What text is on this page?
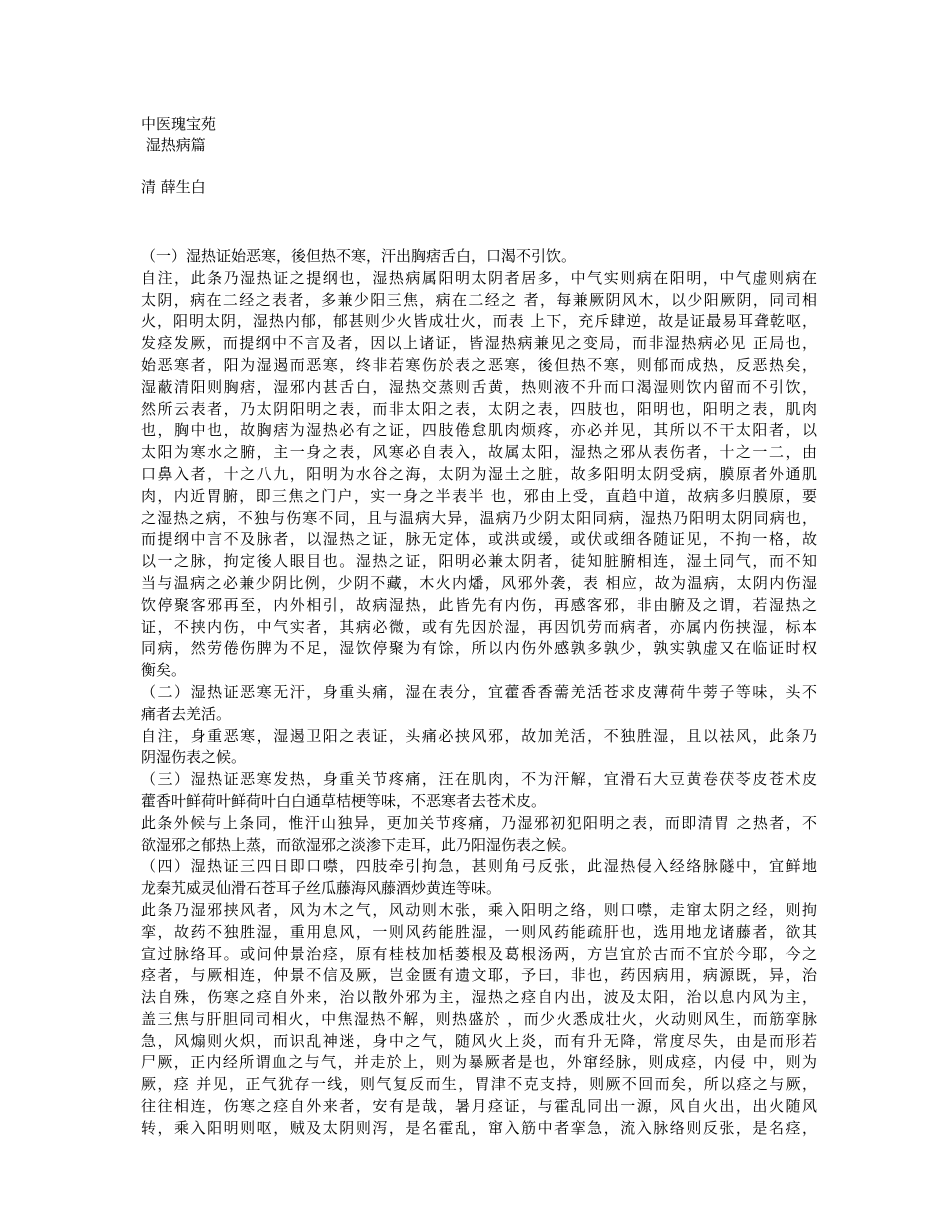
中医瑰宝苑
湿热病篇
清 薛生白
（一）湿热证始恶寒，後但热不寒，汗出胸痞舌白，口渴不引饮。
自注，此条乃湿热证之提纲也，湿热病属阳明太阴者居多，中气实则病在阳明，中气虚则病在
太阴，病在二经之表者，多兼少阳三焦，病在二经之 者，每兼厥阴风木，以少阳厥阴，同司相
火，阳明太阴，湿热内郁，郁甚则少火皆成壮火，而表 上下，充斥肆逆，故是证最易耳聋乾呕，
发痉发厥，而提纲中不言及者，因以上诸证，皆湿热病兼见之变局，而非湿热病必见 正局也，
始恶寒者，阳为湿遏而恶寒，终非若寒伤於表之恶寒，後但热不寒，则郁而成热，反恶热矣，
湿蔽清阳则胸痞，湿邪内甚舌白，湿热交蒸则舌黄，热则液不升而口渴湿则饮内留而不引饮，
然所云表者，乃太阴阳明之表，而非太阳之表，太阴之表，四肢也，阳明也，阳明之表，肌肉
也，胸中也，故胸痞为湿热必有之证，四肢倦怠肌肉烦疼，亦必并见，其所以不干太阳者，以
太阳为寒水之腑，主一身之表，风寒必自表入，故属太阳，湿热之邪从表伤者，十之一二，由
口鼻入者，十之八九，阳明为水谷之海，太阴为湿土之脏，故多阳明太阴受病，膜原者外通肌
肉，内近胃腑，即三焦之门户，实一身之半表半 也，邪由上受，直趋中道，故病多归膜原，要
之湿热之病，不独与伤寒不同，且与温病大异，温病乃少阴太阳同病，湿热乃阳明太阴同病也，
而提纲中言不及脉者，以湿热之证，脉无定体，或洪或缓，或伏或细各随证见，不拘一格，故
以一之脉，拘定後人眼目也。湿热之证，阳明必兼太阴者，徒知脏腑相连，湿土同气，而不知
当与温病之必兼少阴比例，少阴不藏，木火内燔，风邪外袭，表 相应，故为温病，太阴内伤湿
饮停聚客邪再至，内外相引，故病湿热，此皆先有内伤，再感客邪，非由腑及之谓，若湿热之
证，不挟内伤，中气实者，其病必微，或有先因於湿，再因饥劳而病者，亦属内伤挟湿，标本
同病，然劳倦伤脾为不足，湿饮停聚为有馀，所以内伤外感孰多孰少，孰实孰虚又在临证时权
衡矣。
（二）湿热证恶寒无汗，身重头痛，湿在表分，宜藿香香薷羌活苍求皮薄荷牛蒡子等味，头不
痛者去羌活。
自注，身重恶寒，湿遏卫阳之表证，头痛必挟风邪，故加羌活，不独胜湿，且以祛风，此条乃
阴湿伤表之候。
（三）湿热证恶寒发热，身重关节疼痛，汪在肌肉，不为汗解，宜滑石大豆黄卷茯苓皮苍术皮
藿香叶鲜荷叶鲜荷叶白白通草桔梗等味，不恶寒者去苍术皮。
此条外候与上条同，惟汗山独异，更加关节疼痛，乃湿邪初犯阳明之表，而即清胃 之热者，不
欲湿邪之郁热上蒸，而欲湿邪之淡渗下走耳，此乃阳湿伤表之候。
（四）湿热证三四日即口噤，四肢牵引拘急，甚则角弓反张，此湿热侵入经络脉隧中，宜鲜地
龙秦艽威灵仙滑石苍耳子丝瓜藤海风藤酒炒黄连等味。
此条乃湿邪挟风者，风为木之气，风动则木张，乘入阳明之络，则口噤，走窜太阴之经，则拘
挛，故药不独胜湿，重用息风，一则风药能胜湿，一则风药能疏肝也，选用地龙诸藤者，欲其
宣过脉络耳。或问仲景治痉，原有桂枝加栝蒌根及葛根汤两，方岂宜於古而不宜於今耶，今之
痉者，与厥相连，仲景不信及厥，岂金匮有遗文耶，予曰，非也，药因病用，病源既，异，治
法自殊，伤寒之痉自外来，治以散外邪为主，湿热之痉自内出，波及太阳，治以息内风为主，
盖三焦与肝胆同司相火，中焦湿热不解，则热盛於 ，而少火悉成壮火，火动则风生，而筋挛脉
急，风煽则火炽，而识乱神迷，身中之气，随风火上炎，而有升无降，常度尽失，由是而形若
尸厥，正内经所谓血之与气，并走於上，则为暴厥者是也，外窜经脉，则成痉，内侵 中，则为
厥，痉 并见，正气犹存一线，则气复反而生，胃津不克支持，则厥不回而矣，所以痉之与厥，
往往相连，伤寒之痉自外来者，安有是哉，暑月痉证，与霍乱同出一源，风自火出，出火随风
转，乘入阳明则呕，贼及太阴则泻，是名霍乱，窜入筋中者挛急，流入脉络则反张，是名痉，
